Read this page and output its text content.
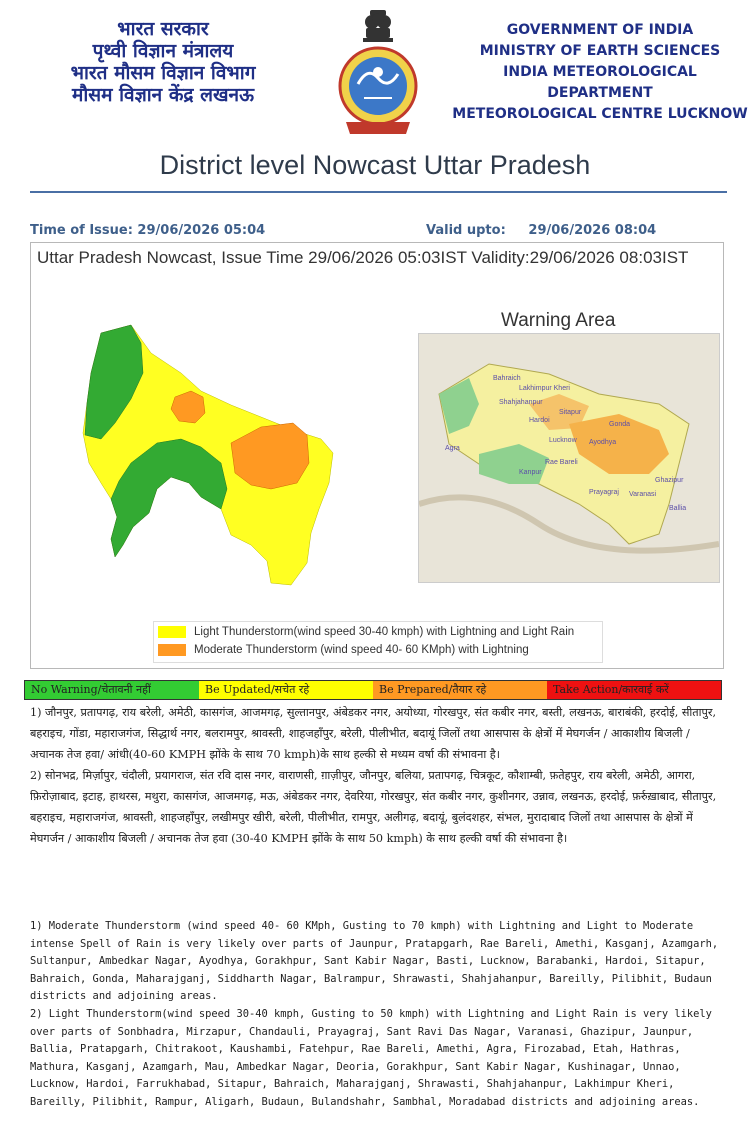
भारत सरकार
पृथ्वी विज्ञान मंत्रालय
भारत मौसम विज्ञान विभाग
मौसम विज्ञान केंद्र लखनऊ
GOVERNMENT OF INDIA
MINISTRY OF EARTH SCIENCES
INDIA METEOROLOGICAL DEPARTMENT
METEOROLOGICAL CENTRE LUCKNOW
District level Nowcast Uttar Pradesh
Time of Issue: 29/06/2026 05:04	Valid upto:     29/06/2026 08:04
Uttar Pradesh Nowcast, Issue Time 29/06/2026 05:03IST Validity:29/06/2026 08:03IST
Warning Area
Bahraich
Shahjahanpur
Lakhimpur Kheri
Gonda
Ayodhya
Lucknow
Rae Bareli
Kanpur
Prayagraj Varanasi
Ghazipur
Ballia
Agra
Sitapur
Hardoi
Light Thunderstorm(wind speed 30-40 kmph) with Lightning and Light Rain
Moderate Thunderstorm (wind speed 40- 60 KMph) with Lightning
No Warning/चेतावनी नहीं	Be Updated/सचेत रहे	Be Prepared/तैयार रहे	Take Action/कारवाई करें

1) जौनपुर, प्रतापगढ़, राय बरेली, अमेठी, कासगंज, आजमगढ़, सुल्तानपुर, अंबेडकर नगर, अयोध्या, गोरखपुर, संत कबीर नगर, बस्ती, लखनऊ, बाराबंकी, हरदोई, सीतापुर, बहराइच, गोंडा, महाराजगंज, सिद्धार्थ नगर, बलरामपुर, श्रावस्ती, शाहजहाँपुर, बरेली, पीलीभीत, बदायूं जिलों तथा आसपास के क्षेत्रों में मेघगर्जन / आकाशीय बिजली / अचानक तेज हवा/ आंधी(40-60 KMPH झोंके के साथ 70 kmph)के साथ हल्की से मध्यम वर्षा की संभावना है।

2) सोनभद्र, मिर्ज़ापुर, चंदौली, प्रयागराज, संत रवि दास नगर, वाराणसी, ग़ाज़ीपुर, जौनपुर, बलिया, प्रतापगढ़, चित्रकूट, कौशाम्बी, फ़तेहपुर, राय बरेली, अमेठी, आगरा, फ़िरोज़ाबाद, इटाह, हाथरस, मथुरा, कासगंज, आजमगढ़, मऊ, अंबेडकर नगर, देवरिया, गोरखपुर, संत कबीर नगर, कुशीनगर, उन्नाव, लखनऊ, हरदोई, फ़र्रुख़ाबाद, सीतापुर, बहराइच, महाराजगंज, श्रावस्ती, शाहजहाँपुर, लखीमपुर खीरी, बरेली, पीलीभीत, रामपुर, अलीगढ़, बदायूं, बुलंदशहर, संभल, मुरादाबाद जिलों तथा आसपास के क्षेत्रों में मेघगर्जन / आकाशीय बिजली / अचानक तेज हवा (30-40 KMPH झोंके के साथ 50 kmph) के साथ हल्की वर्षा की संभावना है।

1) Moderate Thunderstorm (wind speed 40- 60 KMph, Gusting to 70 kmph) with Lightning and Light to Moderate intense Spell of Rain is very likely over parts of Jaunpur, Pratapgarh, Rae Bareli, Amethi, Kasganj, Azamgarh, Sultanpur, Ambedkar Nagar, Ayodhya, Gorakhpur, Sant Kabir Nagar, Basti, Lucknow, Barabanki, Hardoi, Sitapur, Bahraich, Gonda, Maharajganj, Siddharth Nagar, Balrampur, Shrawasti, Shahjahanpur, Bareilly, Pilibhit, Budaun districts and adjoining areas.

2) Light Thunderstorm(wind speed 30-40 kmph, Gusting to 50 kmph) with Lightning and Light Rain is very likely over parts of Sonbhadra, Mirzapur, Chandauli, Prayagraj, Sant Ravi Das Nagar, Varanasi, Ghazipur, Jaunpur, Ballia, Pratapgarh, Chitrakoot, Kaushambi, Fatehpur, Rae Bareli, Amethi, Agra, Firozabad, Etah, Hathras, Mathura, Kasganj, Azamgarh, Mau, Ambedkar Nagar, Deoria, Gorakhpur, Sant Kabir Nagar, Kushinagar, Unnao, Lucknow, Hardoi, Farrukhabad, Sitapur, Bahraich, Maharajganj, Shrawasti, Shahjahanpur, Lakhimpur Kheri, Bareilly, Pilibhit, Rampur, Aligarh, Budaun, Bulandshahr, Sambhal, Moradabad districts and adjoining areas.
